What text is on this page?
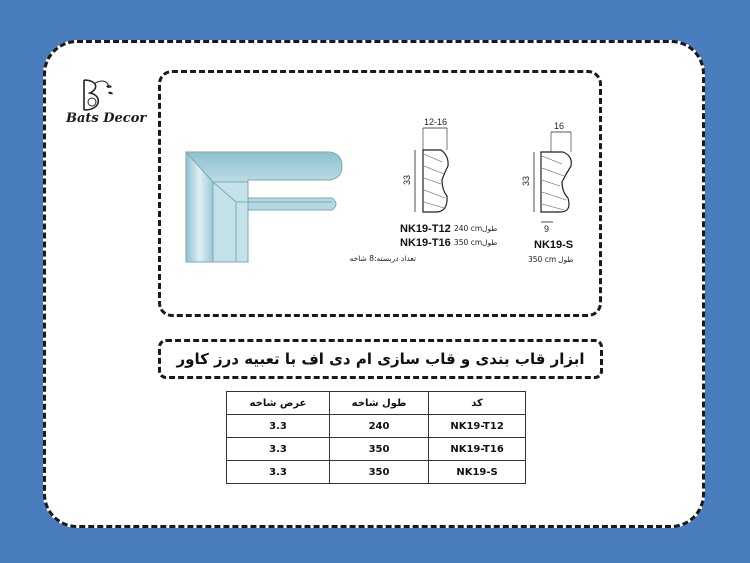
Bats Decor	12-16
33
NK19-T12 240 cm طول
NK19-T16 350 cm طول
تعداد دربسته:8 شاخه
16
33
9
NK19-S
350 cm طول
ابزار قاب بندی و قاب سازی ام دی اف با تعبیه درز کاور
کد	طول شاخه	عرض شاخه
NK19-T12	240	3.3
NK19-T16	350	3.3
NK19-S	350	3.3
